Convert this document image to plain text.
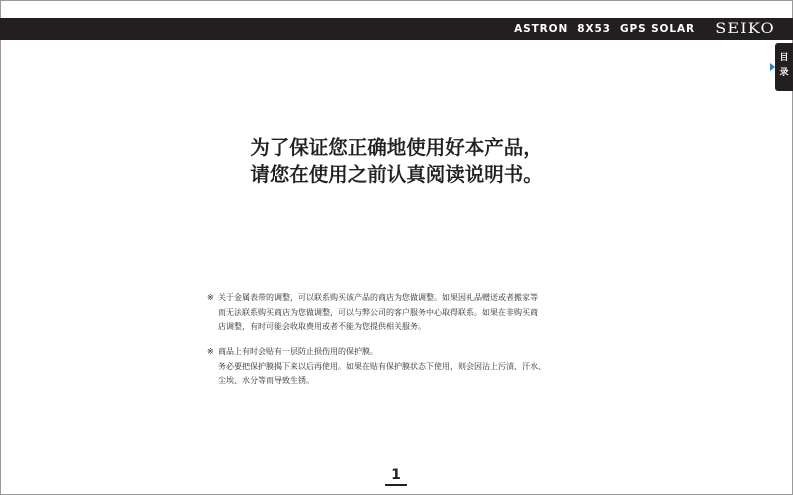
ASTRON  8X53  GPS SOLAR SEIKO
目
录
为了保证您正确地使用好本产品，
请您在使用之前认真阅读说明书。
※ 关于金属表带的调整，可以联系购买该产品的商店为您做调整。如果因礼品赠送或者搬家等
而无法联系购买商店为您做调整，可以与弊公司的客户服务中心取得联系。如果在非购买商
店调整，有时可能会收取费用或者不能为您提供相关服务。
※ 商品上有时会贴有一层防止损伤用的保护膜。
务必要把保护膜揭下来以后再使用。如果在贴有保护膜状态下使用，则会因沾上污渍、汗水、
尘埃、水分等而导致生锈。
1
